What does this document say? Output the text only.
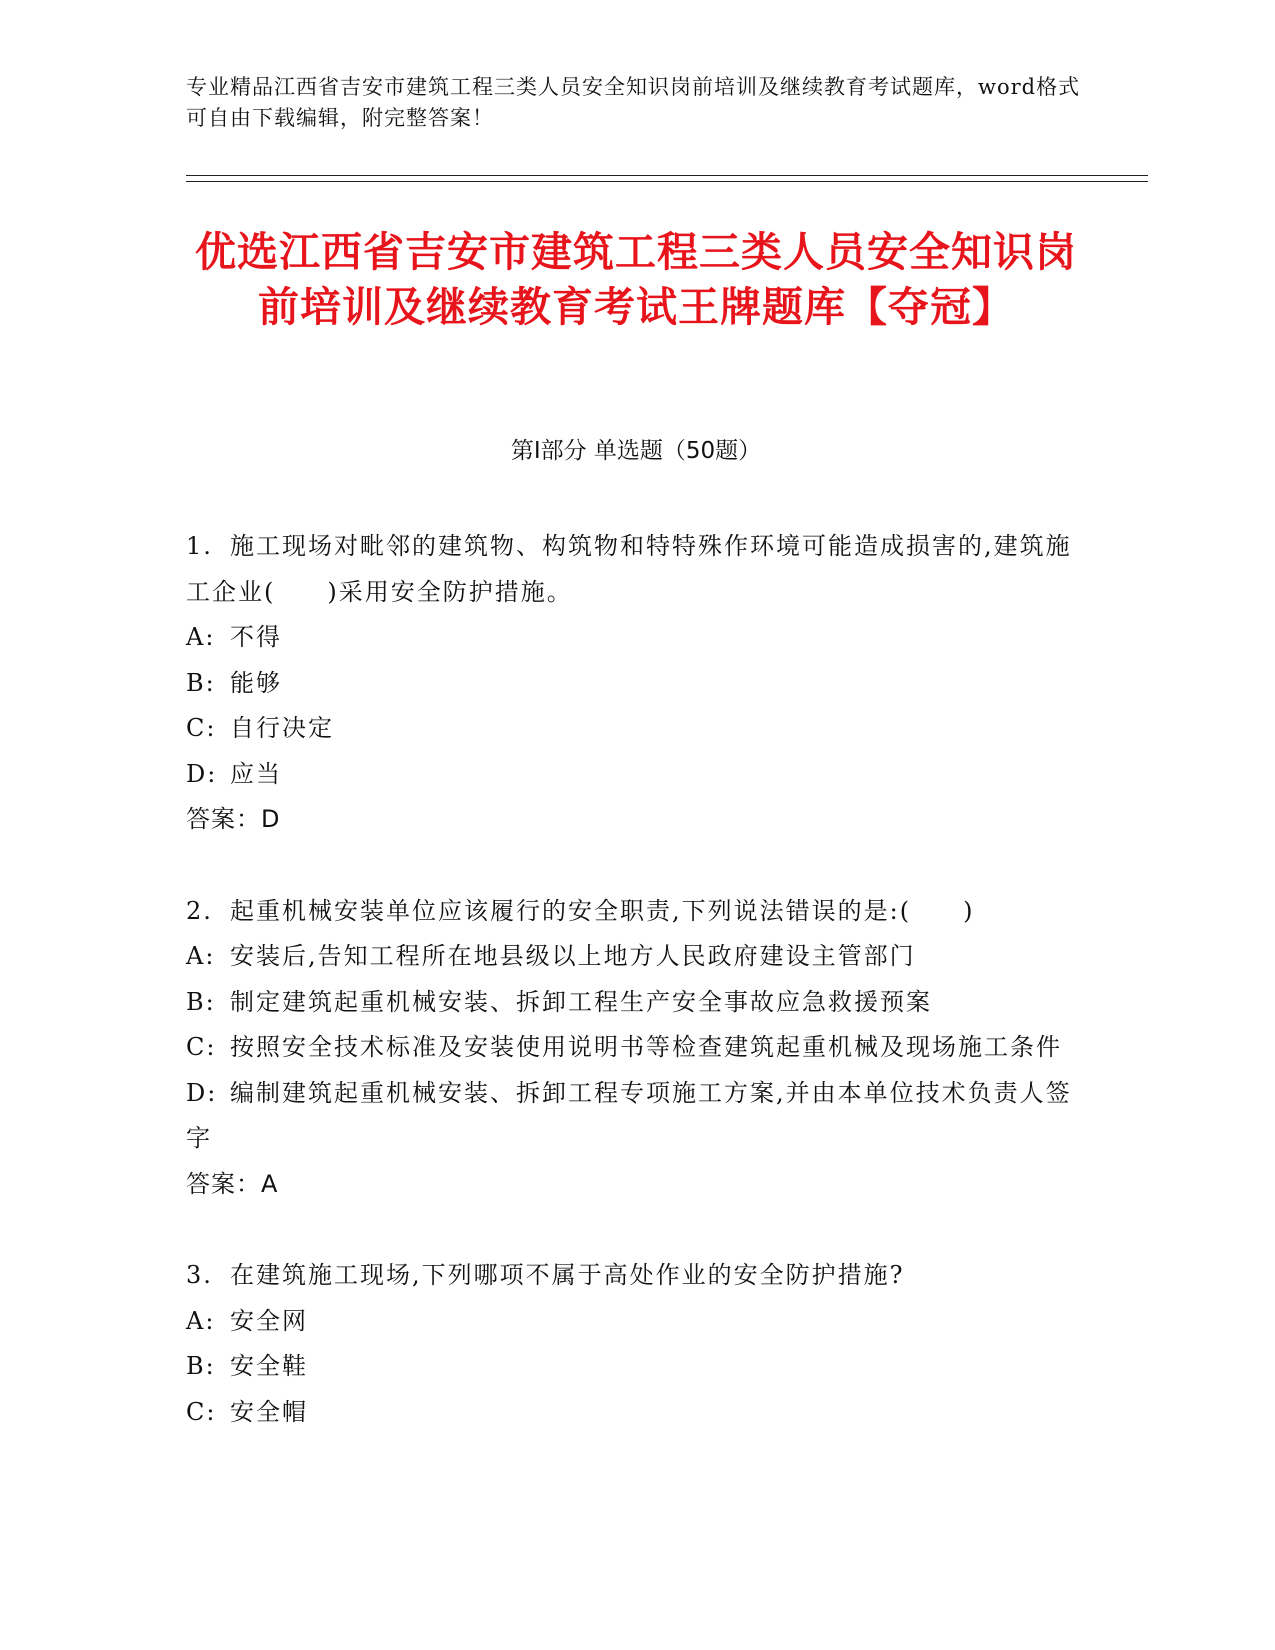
专业精品江西省吉安市建筑工程三类人员安全知识岗前培训及继续教育考试题库，word格式可自由下载编辑，附完整答案！
优选江西省吉安市建筑工程三类人员安全知识岗前培训及继续教育考试王牌题库【夺冠】
第Ⅰ部分 单选题（50题）
1. 施工现场对毗邻的建筑物、构筑物和特特殊作环境可能造成损害的,建筑施工企业(　　)采用安全防护措施。
A: 不得
B: 能够
C: 自行决定
D: 应当
答案：D
2. 起重机械安装单位应该履行的安全职责,下列说法错误的是:(　　)
A: 安装后,告知工程所在地县级以上地方人民政府建设主管部门
B: 制定建筑起重机械安装、拆卸工程生产安全事故应急救援预案
C: 按照安全技术标准及安装使用说明书等检查建筑起重机械及现场施工条件
D: 编制建筑起重机械安装、拆卸工程专项施工方案,并由本单位技术负责人签字
答案：A
3. 在建筑施工现场,下列哪项不属于高处作业的安全防护措施?
A: 安全网
B: 安全鞋
C: 安全帽
